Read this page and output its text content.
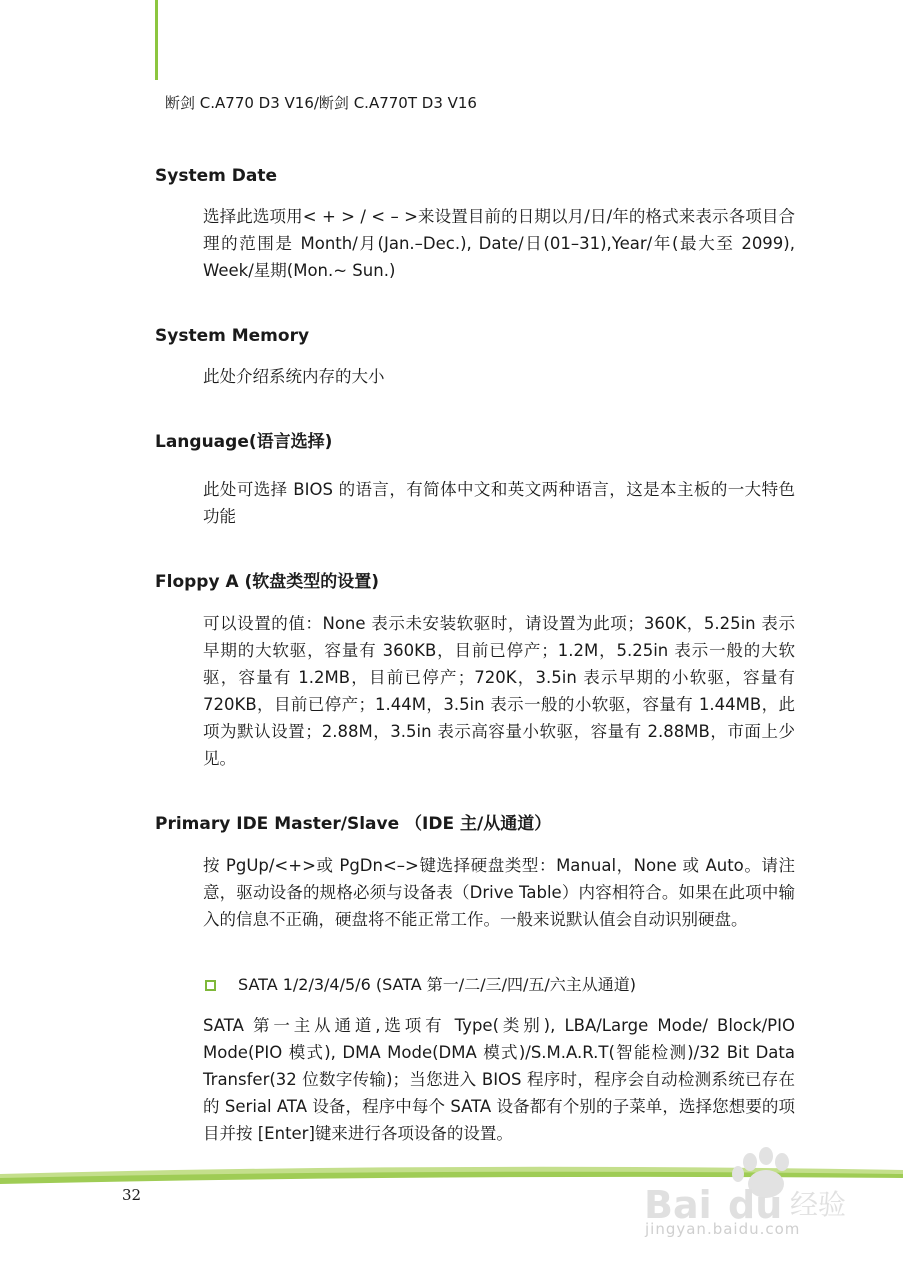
断剑 C.A770 D3 V16/断剑 C.A770T D3 V16
System Date

选择此选项用< + > / < – >来设置目前的日期以月/日/年的格式来表示各项目合理的范围是 Month/月(Jan.–Dec.), Date/日(01–31),Year/年(最大至 2099), Week/星期(Mon.~ Sun.)

System Memory

此处介绍系统内存的大小

Language(语言选择)

此处可选择 BIOS 的语言，有简体中文和英文两种语言，这是本主板的一大特色功能

Floppy A (软盘类型的设置)

可以设置的值：None 表示未安装软驱时，请设置为此项；360K，5.25in 表示早期的大软驱，容量有 360KB，目前已停产；1.2M，5.25in 表示一般的大软驱，容量有 1.2MB，目前已停产；720K，3.5in 表示早期的小软驱，容量有 720KB，目前已停产；1.44M，3.5in 表示一般的小软驱，容量有 1.44MB，此项为默认设置；2.88M，3.5in 表示高容量小软驱，容量有 2.88MB，市面上少见。

Primary IDE Master/Slave （IDE 主/从通道）

按 PgUp/<+>或 PgDn<–>键选择硬盘类型：Manual，None 或 Auto。请注意，驱动设备的规格必须与设备表（Drive Table）内容相符合。如果在此项中输入的信息不正确，硬盘将不能正常工作。一般来说默认值会自动识别硬盘。

SATA 1/2/3/4/5/6 (SATA 第一/二/三/四/五/六主从通道)

SATA 第一主从通道,选项有 Type(类别), LBA/Large Mode/ Block/PIO Mode(PIO 模式), DMA Mode(DMA 模式)/S.M.A.R.T(智能检测)/32 Bit Data Transfer(32 位数字传输)；当您进入 BIOS 程序时，程序会自动检测系统已存在的 Serial ATA 设备，程序中每个 SATA 设备都有个别的子菜单，选择您想要的项目并按 [Enter]键来进行各项设备的设置。

32	Bai du 经验
jingyan.baidu.com
